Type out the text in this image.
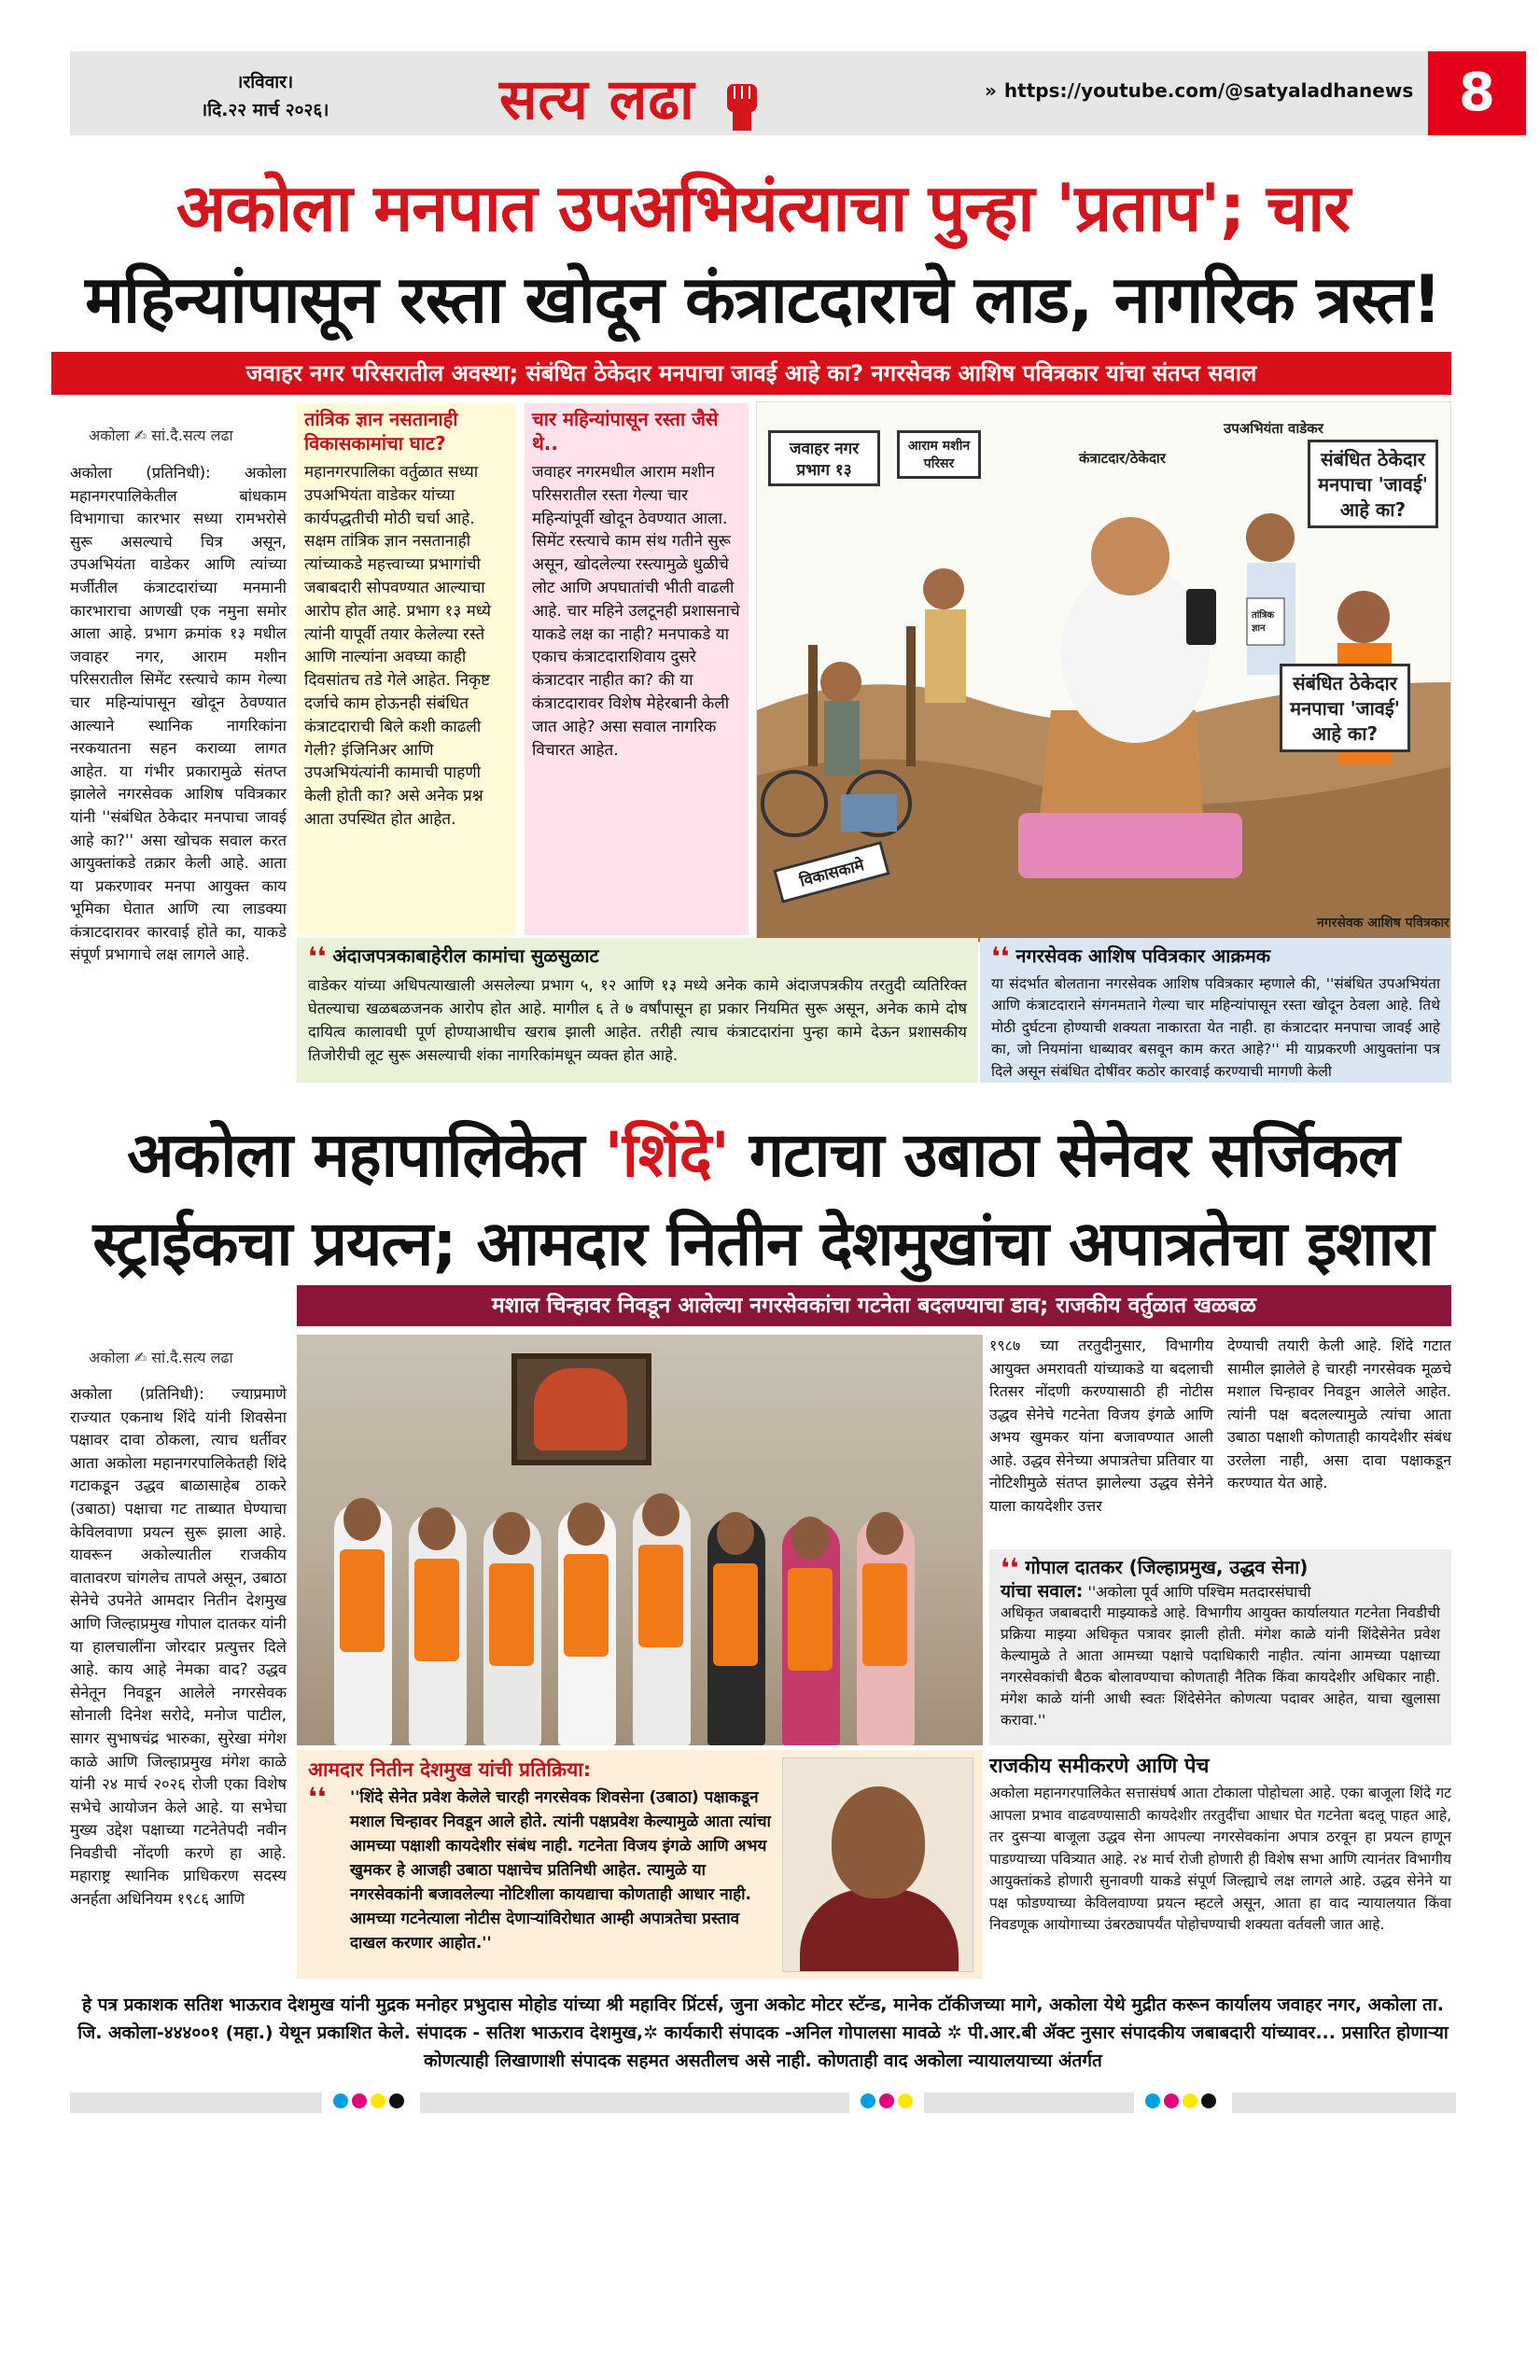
।रविवार।
।दि.२२ मार्च २०२६।	सत्य लढा	» https://youtube.com/@satyaladhanews 8
अकोला मनपात उपअभियंत्याचा पुन्हा 'प्रताप'; चार
महिन्यांपासून रस्ता खोदून कंत्राटदाराचे लाड, नागरिक त्रस्त!
जवाहर नगर परिसरातील अवस्था; संबंधित ठेकेदार मनपाचा जावई आहे का? नगरसेवक आशिष पवित्रकार यांचा संतप्त सवाल
अकोला ✍ सां.दै.सत्य लढा
अकोला (प्रतिनिधी): अकोला महानगरपालिकेतील बांधकाम विभागाचा कारभार सध्या रामभरोसे सुरू असल्याचे चित्र असून, उपअभियंता वाडेकर आणि त्यांच्या मर्जीतील कंत्राटदारांच्या मनमानी कारभाराचा आणखी एक नमुना समोर आला आहे. प्रभाग क्रमांक १३ मधील जवाहर नगर, आराम मशीन परिसरातील सिमेंट रस्त्याचे काम गेल्या चार महिन्यांपासून खोदून ठेवण्यात आल्याने स्थानिक नागरिकांना नरकयातना सहन कराव्या लागत आहेत. या गंभीर प्रकारामुळे संतप्त झालेले नगरसेवक आशिष पवित्रकार यांनी ''संबंधित ठेकेदार मनपाचा जावई आहे का?'' असा खोचक सवाल करत आयुक्तांकडे तक्रार केली आहे. आता या प्रकरणावर मनपा आयुक्त काय भूमिका घेतात आणि त्या लाडक्या कंत्राटदारावर कारवाई होते का, याकडे संपूर्ण प्रभागाचे लक्ष लागले आहे.
तांत्रिक ज्ञान नसतानाही विकासकामांचा घाट?
महानगरपालिका वर्तुळात सध्या उपअभियंता वाडेकर यांच्या कार्यपद्धतीची मोठी चर्चा आहे. सक्षम तांत्रिक ज्ञान नसतानाही त्यांच्याकडे महत्त्वाच्या प्रभागांची जबाबदारी सोपवण्यात आल्याचा आरोप होत आहे. प्रभाग १३ मध्ये त्यांनी यापूर्वी तयार केलेल्या रस्ते आणि नाल्यांना अवघ्या काही दिवसांतच तडे गेले आहेत. निकृष्ट दर्जाचे काम होऊनही संबंधित कंत्राटदाराची बिले कशी काढली गेली? इंजिनिअर आणि उपअभियंत्यांनी कामाची पाहणी केली होती का? असे अनेक प्रश्न आता उपस्थित होत आहेत.
चार महिन्यांपासून रस्ता जैसे थे..
जवाहर नगरमधील आराम मशीन परिसरातील रस्ता गेल्या चार महिन्यांपूर्वी खोदून ठेवण्यात आला. सिमेंट रस्त्याचे काम संथ गतीने सुरू असून, खोदलेल्या रस्त्यामुळे धुळीचे लोट आणि अपघातांची भीती वाढली आहे. चार महिने उलटूनही प्रशासनाचे याकडे लक्ष का नाही? मनपाकडे या एकाच कंत्राटदाराशिवाय दुसरे कंत्राटदार नाहीत का? की या कंत्राटदारावर विशेष मेहेरबानी केली जात आहे? असा सवाल नागरिक विचारत आहेत.
जवाहर नगर प्रभाग १३
आराम मशीन परिसर	कंत्राटदार/ठेकेदार
उपअभियंता वाडेकर
संबंधित ठेकेदार मनपाचा 'जावई' आहे का?
संबंधित ठेकेदार मनपाचा 'जावई' आहे का?
तांत्रिक ज्ञान
विकासकामे
नगरसेवक आशिष पवित्रकार
❛❛ अंदाजपत्रकाबाहेरील कामांचा सुळसुळाट
वाडेकर यांच्या अधिपत्याखाली असलेल्या प्रभाग ५, १२ आणि १३ मध्ये अनेक कामे अंदाजपत्रकीय तरतुदी व्यतिरिक्त घेतल्याचा खळबळजनक आरोप होत आहे. मागील ६ ते ७ वर्षांपासून हा प्रकार नियमित सुरू असून, अनेक कामे दोष दायित्व कालावधी पूर्ण होण्याआधीच खराब झाली आहेत. तरीही त्याच कंत्राटदारांना पुन्हा कामे देऊन प्रशासकीय तिजोरीची लूट सुरू असल्याची शंका नागरिकांमधून व्यक्त होत आहे.
❛❛ नगरसेवक आशिष पवित्रकार आक्रमक
या संदर्भात बोलताना नगरसेवक आशिष पवित्रकार म्हणाले की, ''संबंधित उपअभियंता आणि कंत्राटदाराने संगनमताने गेल्या चार महिन्यांपासून रस्ता खोदून ठेवला आहे. तिथे मोठी दुर्घटना होण्याची शक्यता नाकारता येत नाही. हा कंत्राटदार मनपाचा जावई आहे का, जो नियमांना धाब्यावर बसवून काम करत आहे?'' मी याप्रकरणी आयुक्तांना पत्र दिले असून संबंधित दोषींवर कठोर कारवाई करण्याची मागणी केली
अकोला महापालिकेत 'शिंदे' गटाचा उबाठा सेनेवर सर्जिकल
स्ट्राईकचा प्रयत्न; आमदार नितीन देशमुखांचा अपात्रतेचा इशारा
मशाल चिन्हावर निवडून आलेल्या नगरसेवकांचा गटनेता बदलण्याचा डाव; राजकीय वर्तुळात खळबळ
अकोला ✍ सां.दै.सत्य लढा
अकोला (प्रतिनिधी): ज्याप्रमाणे राज्यात एकनाथ शिंदे यांनी शिवसेना पक्षावर दावा ठोकला, त्याच धर्तीवर आता अकोला महानगरपालिकेतही शिंदे गटाकडून उद्धव बाळासाहेब ठाकरे (उबाठा) पक्षाचा गट ताब्यात घेण्याचा केविलवाणा प्रयत्न सुरू झाला आहे. यावरून अकोल्यातील राजकीय वातावरण चांगलेच तापले असून, उबाठा सेनेचे उपनेते आमदार नितीन देशमुख आणि जिल्हाप्रमुख गोपाल दातकर यांनी या हालचालींना जोरदार प्रत्युत्तर दिले आहे. काय आहे नेमका वाद? उद्धव सेनेतून निवडून आलेले नगरसेवक सोनाली दिनेश सरोदे, मनोज पाटील, सागर सुभाषचंद्र भारुका, सुरेखा मंगेश काळे आणि जिल्हाप्रमुख मंगेश काळे यांनी २४ मार्च २०२६ रोजी एका विशेष सभेचे आयोजन केले आहे. या सभेचा मुख्य उद्देश पक्षाच्या गटनेतेपदी नवीन निवडीची नोंदणी करणे हा आहे. महाराष्ट्र स्थानिक प्राधिकरण सदस्य अनर्हता अधिनियम १९८६ आणि
१९८७ च्या तरतुदीनुसार, विभागीय आयुक्त अमरावती यांच्याकडे या बदलाची रितसर नोंदणी करण्यासाठी ही नोटीस उद्धव सेनेचे गटनेता विजय इंगळे आणि अभय खुमकर यांना बजावण्यात आली आहे. उद्धव सेनेच्या अपात्रतेचा प्रतिवार या नोटिशीमुळे संतप्त झालेल्या उद्धव सेनेने याला कायदेशीर उत्तर
देण्याची तयारी केली आहे. शिंदे गटात सामील झालेले हे चारही नगरसेवक मूळचे मशाल चिन्हावर निवडून आलेले आहेत. त्यांनी पक्ष बदलल्यामुळे त्यांचा आता उबाठा पक्षाशी कोणताही कायदेशीर संबंध उरलेला नाही, असा दावा पक्षाकडून करण्यात येत आहे.
❛❛ गोपाल दातकर (जिल्हाप्रमुख, उद्धव सेना)
यांचा सवाल: ''अकोला पूर्व आणि पश्चिम मतदारसंघाची
अधिकृत जबाबदारी माझ्याकडे आहे. विभागीय आयुक्त कार्यालयात गटनेता निवडीची प्रक्रिया माझ्या अधिकृत पत्रावर झाली होती. मंगेश काळे यांनी शिंदेसेनेत प्रवेश केल्यामुळे ते आता आमच्या पक्षाचे पदाधिकारी नाहीत. त्यांना आमच्या पक्षाच्या नगरसेवकांची बैठक बोलावण्याचा कोणताही नैतिक किंवा कायदेशीर अधिकार नाही. मंगेश काळे यांनी आधी स्वतः शिंदेसेनेत कोणत्या पदावर आहेत, याचा खुलासा करावा.''
राजकीय समीकरणे आणि पेच
अकोला महानगरपालिकेत सत्तासंघर्ष आता टोकाला पोहोचला आहे. एका बाजूला शिंदे गट आपला प्रभाव वाढवण्यासाठी कायदेशीर तरतुदींचा आधार घेत गटनेता बदलू पाहत आहे, तर दुसऱ्या बाजूला उद्धव सेना आपल्या नगरसेवकांना अपात्र ठरवून हा प्रयत्न हाणून पाडण्याच्या पवित्र्यात आहे. २४ मार्च रोजी होणारी ही विशेष सभा आणि त्यानंतर विभागीय आयुक्तांकडे होणारी सुनावणी याकडे संपूर्ण जिल्ह्याचे लक्ष लागले आहे. उद्धव सेनेने या पक्ष फोडण्याच्या केविलवाण्या प्रयत्न म्हटले असून, आता हा वाद न्यायालयात किंवा निवडणूक आयोगाच्या उंबरठ्यापर्यंत पोहोचण्याची शक्यता वर्तवली जात आहे.
आमदार नितीन देशमुख यांची प्रतिक्रिया:
❛❛	''शिंदे सेनेत प्रवेश केलेले चारही नगरसेवक शिवसेना (उबाठा) पक्षाकडून मशाल चिन्हावर निवडून आले होते. त्यांनी पक्षप्रवेश केल्यामुळे आता त्यांचा आमच्या पक्षाशी कायदेशीर संबंध नाही. गटनेता विजय इंगळे आणि अभय खुमकर हे आजही उबाठा पक्षाचेच प्रतिनिधी आहेत. त्यामुळे या नगरसेवकांनी बजावलेल्या नोटिशीला कायद्याचा कोणताही आधार नाही. आमच्या गटनेत्याला नोटीस देणाऱ्यांविरोधात आम्ही अपात्रतेचा प्रस्ताव दाखल करणार आहोत.''
हे पत्र प्रकाशक सतिश भाऊराव देशमुख यांनी मुद्रक मनोहर प्रभुदास मोहोड यांच्या श्री महाविर प्रिंटर्स, जुना अकोट मोटर स्टॅन्ड, मानेक टॉकीजच्या मागे, अकोला येथे मुद्रीत करून कार्यालय जवाहर नगर, अकोला ता. जि. अकोला-४४४००१ (महा.) येथून प्रकाशित केले. संपादक - सतिश भाऊराव देशमुख,✲ कार्यकारी संपादक -अनिल गोपालसा मावळे ✲ पी.आर.बी ॲक्ट नुसार संपादकीय जबाबदारी यांच्यावर... प्रसारित होणाऱ्या कोणत्याही लिखाणाशी संपादक सहमत असतीलच असे नाही. कोणताही वाद अकोला न्यायालयाच्या अंतर्गत
